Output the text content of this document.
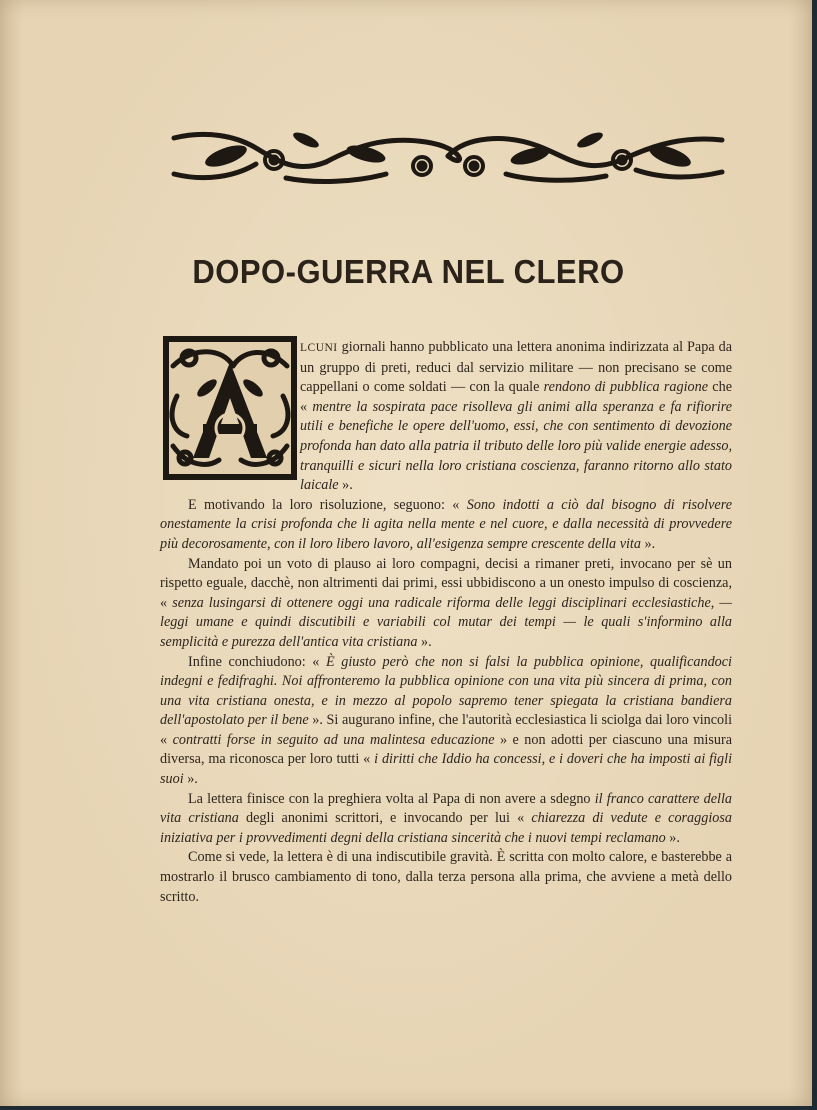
DOPO-GUERRA NEL CLERO

LCUNI giornali hanno pubblicato una lettera anonima indirizzata al Papa da un gruppo di preti, reduci dal servizio militare — non precisano se come cappellani o come soldati — con la quale rendono di pubblica ragione che « mentre la sospirata pace risolleva gli animi alla speranza e fa rifiorire utili e benefiche le opere dell'uomo, essi, che con sentimento di devozione profonda han dato alla patria il tributo delle loro più valide energie adesso, tranquilli e sicuri nella loro cristiana coscienza, faranno ritorno allo stato laicale ».

E motivando la loro risoluzione, seguono: « Sono indotti a ciò dal bisogno di risolvere onestamente la crisi profonda che li agita nella mente e nel cuore, e dalla necessità di provvedere più decorosamente, con il loro libero lavoro, all'esigenza sempre crescente della vita ».

Mandato poi un voto di plauso ai loro compagni, decisi a rimaner preti, invocano per sè un rispetto eguale, dacchè, non altrimenti dai primi, essi ubbidiscono a un onesto impulso di coscienza, « senza lusingarsi di ottenere oggi una radicale riforma delle leggi disciplinari ecclesiastiche, — leggi umane e quindi discutibili e variabili col mutar dei tempi — le quali s'informino alla semplicità e purezza dell'antica vita cristiana ».

Infine conchiudono: « È giusto però che non si falsi la pubblica opinione, qualificandoci indegni e fedifraghi. Noi affronteremo la pubblica opinione con una vita più sincera di prima, con una vita cristiana onesta, e in mezzo al popolo sapremo tener spiegata la cristiana bandiera dell'apostolato per il bene ». Si augurano infine, che l'autorità ecclesiastica li sciolga dai loro vincoli « contratti forse in seguito ad una malintesa educazione » e non adotti per ciascuno una misura diversa, ma riconosca per loro tutti « i diritti che Iddio ha concessi, e i doveri che ha imposti ai figli suoi ».

La lettera finisce con la preghiera volta al Papa di non avere a sdegno il franco carattere della vita cristiana degli anonimi scrittori, e invocando per lui « chiarezza di vedute e coraggiosa iniziativa per i provvedimenti degni della cristiana sincerità che i nuovi tempi reclamano ».

Come si vede, la lettera è di una indiscutibile gravità. È scritta con molto calore, e basterebbe a mostrarlo il brusco cambiamento di tono, dalla terza persona alla prima, che avviene a metà dello scritto.
